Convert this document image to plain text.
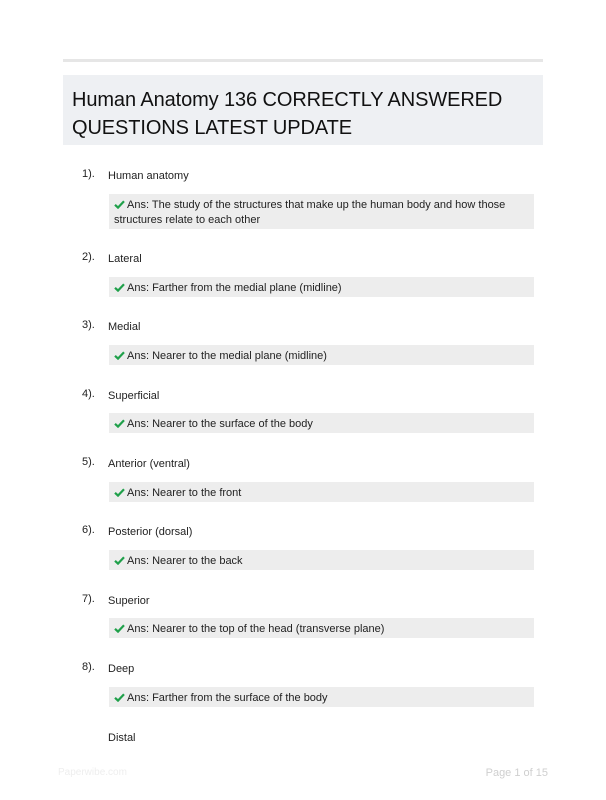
Human Anatomy 136 CORRECTLY ANSWERED QUESTIONS LATEST UPDATE
1). Human anatomy
Ans: The study of the structures that make up the human body and how those structures relate to each other
2). Lateral
Ans: Farther from the medial plane (midline)
3). Medial
Ans: Nearer to the medial plane (midline)
4). Superficial
Ans: Nearer to the surface of the body
5). Anterior (ventral)
Ans: Nearer to the front
6). Posterior (dorsal)
Ans: Nearer to the back
7). Superior
Ans: Nearer to the top of the head (transverse plane)
8). Deep
Ans: Farther from the surface of the body
Distal
Paperwibe.com	Page 1 of 15
